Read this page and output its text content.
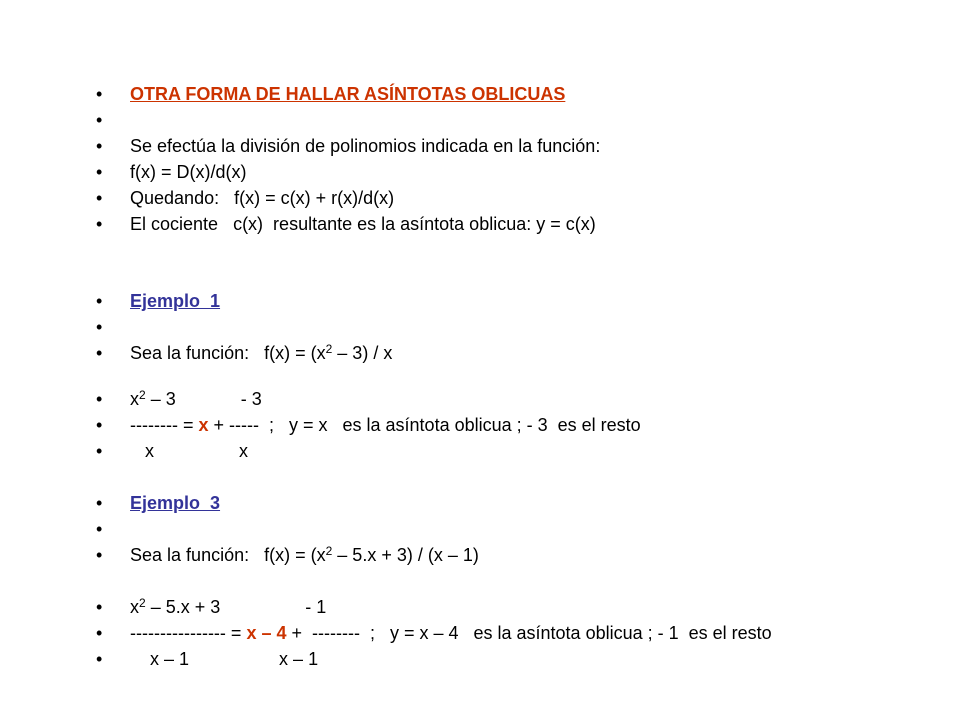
• OTRA FORMA DE HALLAR ASÍNTOTAS OBLICUAS

•

• Se efectúa la división de polinomios indicada en la función:

• f(x) = D(x)/d(x)

• Quedando:   f(x) = c(x) + r(x)/d(x)

• El cociente   c(x)  resultante es la asíntota oblicua: y = c(x)

• Ejemplo  1

•

• Sea la función:   $f(x) = (x^2 - 3) / x$

• $x^2 - 3$             - 3

• -------- = x + -----  ;   y = x   es la asíntota oblicua ; - 3  es el resto

•   x                 x

• Ejemplo  3

•

• Sea la función:   $f(x) = (x^2 - 5.x + 3) / (x - 1)$

• $x^2 - 5.x + 3$                 - 1

• ---------------- = x – 4 +  --------  ;   y = x – 4   es la asíntota oblicua ; - 1  es el resto

•    x – 1                  x – 1
